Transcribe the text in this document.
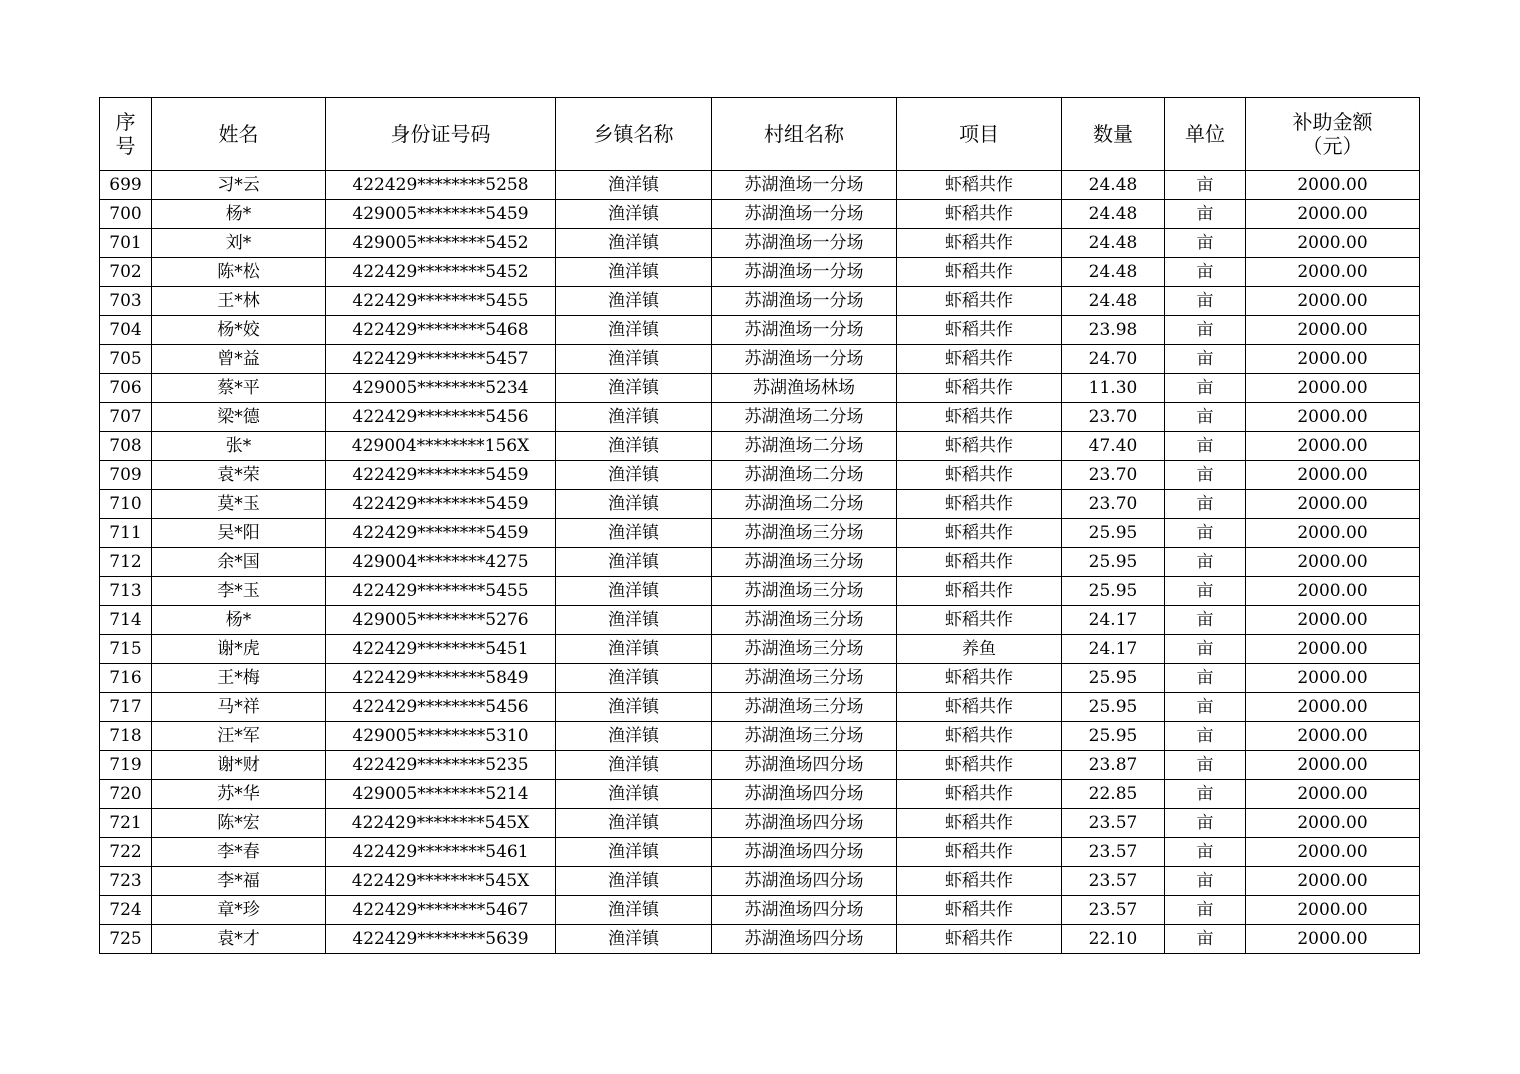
序号	姓名	身份证号码	乡镇名称	村组名称	项目	数量	单位	补助金额（元）
699	习*云	422429********5258	渔洋镇	苏湖渔场一分场	虾稻共作	24.48	亩	2000.00
700	杨*	429005********5459	渔洋镇	苏湖渔场一分场	虾稻共作	24.48	亩	2000.00
701	刘*	429005********5452	渔洋镇	苏湖渔场一分场	虾稻共作	24.48	亩	2000.00
702	陈*松	422429********5452	渔洋镇	苏湖渔场一分场	虾稻共作	24.48	亩	2000.00
703	王*林	422429********5455	渔洋镇	苏湖渔场一分场	虾稻共作	24.48	亩	2000.00
704	杨*姣	422429********5468	渔洋镇	苏湖渔场一分场	虾稻共作	23.98	亩	2000.00
705	曾*益	422429********5457	渔洋镇	苏湖渔场一分场	虾稻共作	24.70	亩	2000.00
706	蔡*平	429005********5234	渔洋镇	苏湖渔场林场	虾稻共作	11.30	亩	2000.00
707	梁*德	422429********5456	渔洋镇	苏湖渔场二分场	虾稻共作	23.70	亩	2000.00
708	张*	429004********156X	渔洋镇	苏湖渔场二分场	虾稻共作	47.40	亩	2000.00
709	袁*荣	422429********5459	渔洋镇	苏湖渔场二分场	虾稻共作	23.70	亩	2000.00
710	莫*玉	422429********5459	渔洋镇	苏湖渔场二分场	虾稻共作	23.70	亩	2000.00
711	吴*阳	422429********5459	渔洋镇	苏湖渔场三分场	虾稻共作	25.95	亩	2000.00
712	余*国	429004********4275	渔洋镇	苏湖渔场三分场	虾稻共作	25.95	亩	2000.00
713	李*玉	422429********5455	渔洋镇	苏湖渔场三分场	虾稻共作	25.95	亩	2000.00
714	杨*	429005********5276	渔洋镇	苏湖渔场三分场	虾稻共作	24.17	亩	2000.00
715	谢*虎	422429********5451	渔洋镇	苏湖渔场三分场	养鱼	24.17	亩	2000.00
716	王*梅	422429********5849	渔洋镇	苏湖渔场三分场	虾稻共作	25.95	亩	2000.00
717	马*祥	422429********5456	渔洋镇	苏湖渔场三分场	虾稻共作	25.95	亩	2000.00
718	汪*军	429005********5310	渔洋镇	苏湖渔场三分场	虾稻共作	25.95	亩	2000.00
719	谢*财	422429********5235	渔洋镇	苏湖渔场四分场	虾稻共作	23.87	亩	2000.00
720	苏*华	429005********5214	渔洋镇	苏湖渔场四分场	虾稻共作	22.85	亩	2000.00
721	陈*宏	422429********545X	渔洋镇	苏湖渔场四分场	虾稻共作	23.57	亩	2000.00
722	李*春	422429********5461	渔洋镇	苏湖渔场四分场	虾稻共作	23.57	亩	2000.00
723	李*福	422429********545X	渔洋镇	苏湖渔场四分场	虾稻共作	23.57	亩	2000.00
724	章*珍	422429********5467	渔洋镇	苏湖渔场四分场	虾稻共作	23.57	亩	2000.00
725	袁*才	422429********5639	渔洋镇	苏湖渔场四分场	虾稻共作	22.10	亩	2000.00
